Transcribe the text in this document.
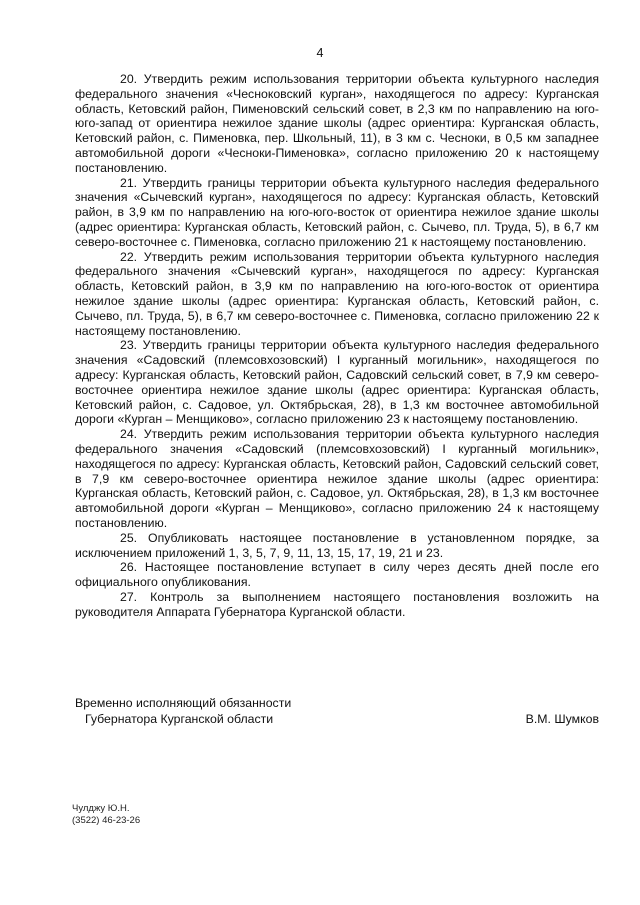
4

20. Утвердить режим использования территории объекта культурного наследия федерального значения «Чесноковский курган», находящегося по адресу: Курганская область, Кетовский район, Пименовский сельский совет, в 2,3 км по направлению на юго-юго-запад от ориентира нежилое здание школы (адрес ориентира: Курганская область, Кетовский район, с. Пименовка, пер. Школьный, 11), в 3 км с. Чесноки, в 0,5 км западнее автомобильной дороги «Чесноки-Пименовка», согласно приложению 20 к настоящему постановлению.

21. Утвердить границы территории объекта культурного наследия федерального значения «Сычевский курган», находящегося по адресу: Курганская область, Кетовский район, в 3,9 км по направлению на юго-юго-восток от ориентира нежилое здание школы (адрес ориентира: Курганская область, Кетовский район, с. Сычево, пл. Труда, 5), в 6,7 км северо-восточнее с. Пименовка, согласно приложению 21 к настоящему постановлению.

22. Утвердить режим использования территории объекта культурного наследия федерального значения «Сычевский курган», находящегося по адресу: Курганская область, Кетовский район, в 3,9 км по направлению на юго-юго-восток от ориентира нежилое здание школы (адрес ориентира: Курганская область, Кетовский район, с. Сычево, пл. Труда, 5), в 6,7 км северо-восточнее с. Пименовка, согласно приложению 22 к настоящему постановлению.

23. Утвердить границы территории объекта культурного наследия федерального значения «Садовский (племсовхозовский) I курганный могильник», находящегося по адресу: Курганская область, Кетовский район, Садовский сельский совет, в 7,9 км северо-восточнее ориентира нежилое здание школы (адрес ориентира: Курганская область, Кетовский район, с. Садовое, ул. Октябрьская, 28), в 1,3 км восточнее автомобильной дороги «Курган – Менщиково», согласно приложению 23 к настоящему постановлению.

24. Утвердить режим использования территории объекта культурного наследия федерального значения «Садовский (племсовхозовский) I курганный могильник», находящегося по адресу: Курганская область, Кетовский район, Садовский сельский совет, в 7,9 км северо-восточнее ориентира нежилое здание школы (адрес ориентира: Курганская область, Кетовский район, с. Садовое, ул. Октябрьская, 28), в 1,3 км восточнее автомобильной дороги «Курган – Менщиково», согласно приложению 24 к настоящему постановлению.

25. Опубликовать настоящее постановление в установленном порядке, за исключением приложений 1, 3, 5, 7, 9, 11, 13, 15, 17, 19, 21 и 23.

26. Настоящее постановление вступает в силу через десять дней после его официального опубликования.

27. Контроль за выполнением настоящего постановления возложить на руководителя Аппарата Губернатора Курганской области.

Временно исполняющий обязанности
Губернатора Курганской области	В.М. Шумков
Чулджу Ю.Н.
(3522) 46-23-26
